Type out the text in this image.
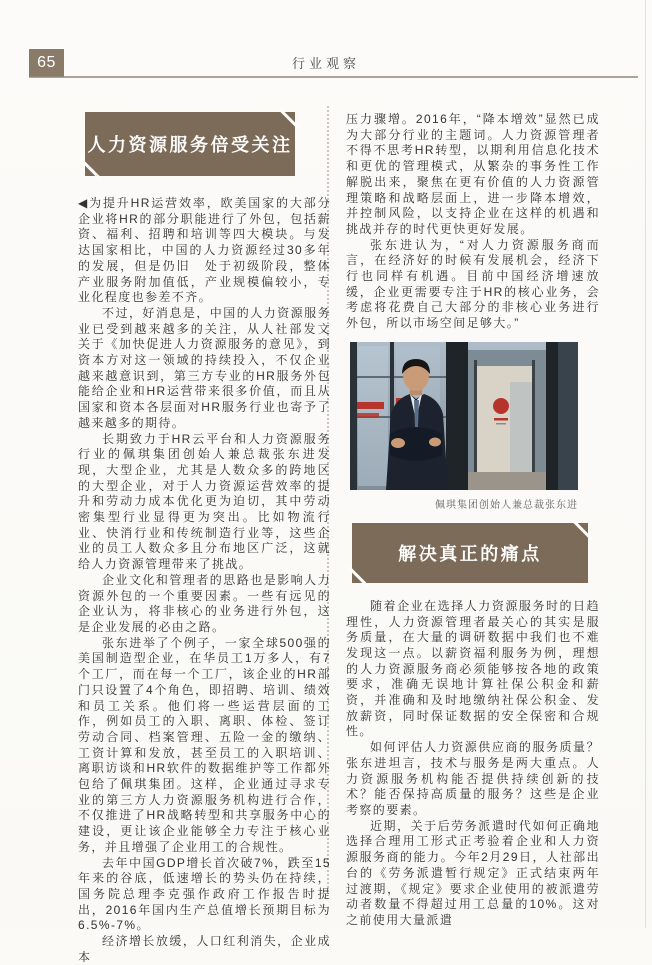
65	行业观察
人力资源服务倍受关注

◀为提升HR运营效率，欧美国家的大部分企业将HR的部分职能进行了外包，包括薪资、福利、招聘和培训等四大模块。与发达国家相比，中国的人力资源经过30多年的发展，但是仍旧　处于初级阶段，整体产业服务附加值低，产业规模偏较小，专业化程度也参差不齐。

不过，好消息是，中国的人力资源服务业已受到越来越多的关注，从人社部发文关于《加快促进人力资源服务的意见》，到资本方对这一领域的持续投入，不仅企业越来越意识到，第三方专业的HR服务外包能给企业和HR运营带来很多价值，而且从国家和资本各层面对HR服务行业也寄予了越来越多的期待。

长期致力于HR云平台和人力资源服务行业的佩琪集团创始人兼总裁张东进发现，大型企业，尤其是人数众多的跨地区的大型企业，对于人力资源运营效率的提升和劳动力成本优化更为迫切，其中劳动密集型行业显得更为突出。比如物流行业、快消行业和传统制造行业等，这些企业的员工人数众多且分布地区广泛，这就给人力资源管理带来了挑战。

企业文化和管理者的思路也是影响人力资源外包的一个重要因素。一些有远见的企业认为，将非核心的业务进行外包，这是企业发展的必由之路。

张东进举了个例子，一家全球500强的美国制造型企业，在华员工1万多人，有7个工厂，而在每一个工厂，该企业的HR部门只设置了4个角色，即招聘、培训、绩效和员工关系。他们将一些运营层面的工作，例如员工的入职、离职、体检、签订劳动合同、档案管理、五险一金的缴纳、工资计算和发放，甚至员工的入职培训、离职访谈和HR软件的数据维护等工作都外包给了佩琪集团。这样，企业通过寻求专业的第三方人力资源服务机构进行合作，不仅推进了HR战略转型和共享服务中心的建设，更让该企业能够全力专注于核心业务，并且增强了企业用工的合规性。

去年中国GDP增长首次破7%，跌至15年来的谷底，低速增长的势头仍在持续，国务院总理李克强作政府工作报告时提出，2016年国内生产总值增长预期目标为6.5%-7%。

经济增长放缓，人口红利消失，企业成本

压力骤增。2016年，“降本增效”显然已成为大部分行业的主题词。人力资源管理者不得不思考HR转型，以期利用信息化技术和更优的管理模式，从繁杂的事务性工作解脱出来，聚焦在更有价值的人力资源管理策略和战略层面上，进一步降本增效，并控制风险，以支持企业在这样的机遇和挑战并存的时代更快更好发展。

张东进认为，“对人力资源服务商而言，在经济好的时候有发展机会，经济下行也同样有机遇。目前中国经济增速放缓，企业更需要专注于HR的核心业务，会考虑将花费自己大部分的非核心业务进行外包，所以市场空间足够大。”

佩琪集团创始人兼总裁张东进
解决真正的痛点

随着企业在选择人力资源服务时的日趋理性，人力资源管理者最关心的其实是服务质量，在大量的调研数据中我们也不难发现这一点。以薪资福利服务为例，理想的人力资源服务商必须能够按各地的政策要求，准确无误地计算社保公积金和薪资，并准确和及时地缴纳社保公积金、发放薪资，同时保证数据的安全保密和合规性。

如何评估人力资源供应商的服务质量？张东进坦言，技术与服务是两大重点。人力资源服务机构能否提供持续创新的技术？能否保持高质量的服务？这些是企业考察的要素。

近期，关于后劳务派遣时代如何正确地选择合理用工形式正考验着企业和人力资源服务商的能力。今年2月29日，人社部出台的《劳务派遣暂行规定》正式结束两年过渡期，《规定》要求企业使用的被派遣劳动者数量不得超过用工总量的10%。这对之前使用大量派遣
